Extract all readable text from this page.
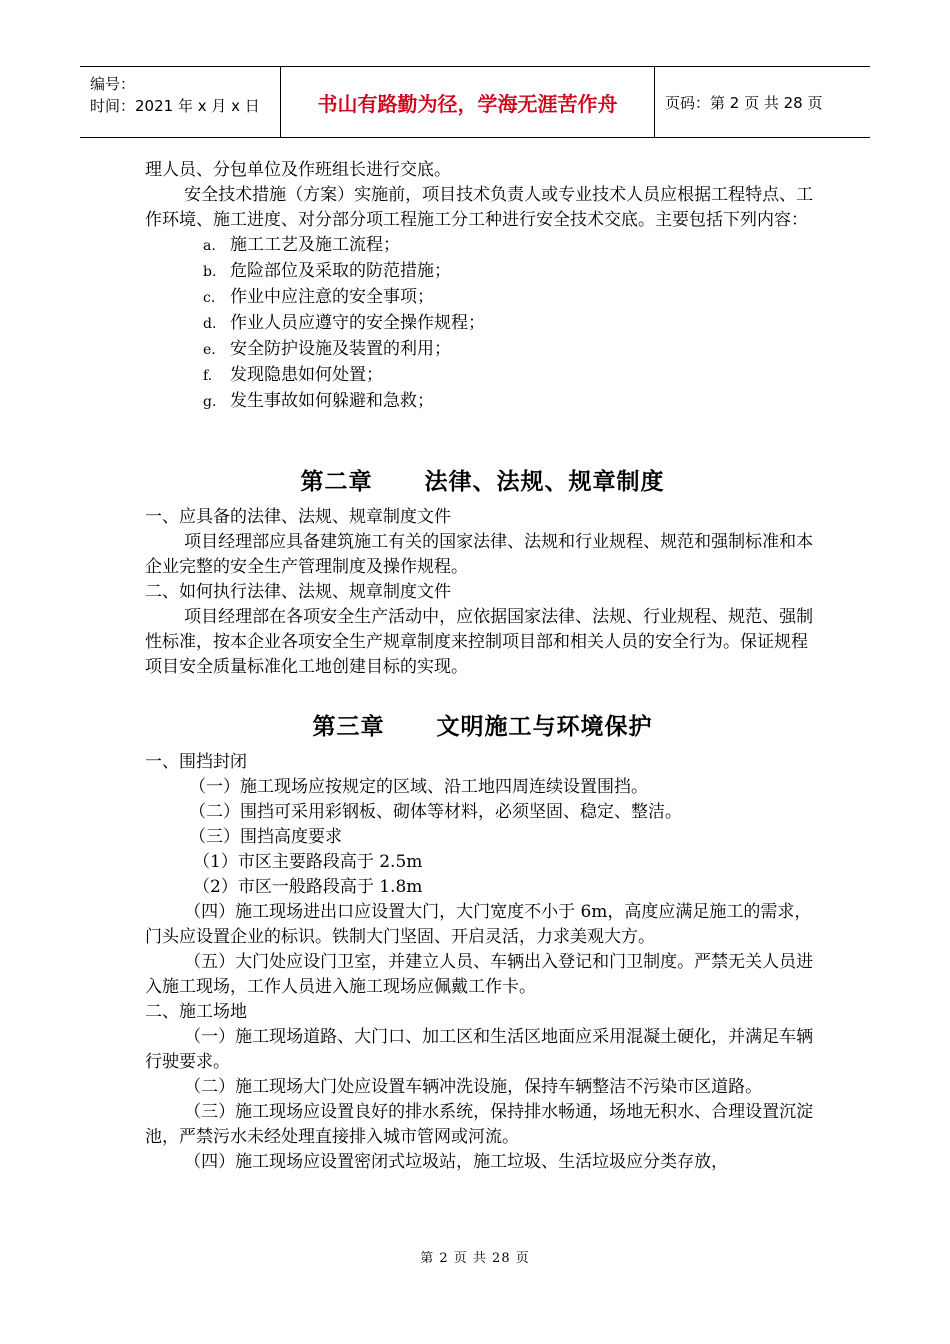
编号：
时间：2021 年 x 月 x 日	书山有路勤为径，学海无涯苦作舟	页码：第 2 页 共 28 页

理人员、分包单位及作班组长进行交底。

安全技术措施（方案）实施前，项目技术负责人或专业技术人员应根据工程特点、工作环境、施工进度、对分部分项工程施工分工种进行安全技术交底。主要包括下列内容：

a. 施工工艺及施工流程；
b. 危险部位及采取的防范措施；
c. 作业中应注意的安全事项；
d. 作业人员应遵守的安全操作规程；
e. 安全防护设施及装置的利用；
f. 发现隐患如何处置；
g. 发生事故如何躲避和急救；
第二章 法律、法规、规章制度

一、应具备的法律、法规、规章制度文件

项目经理部应具备建筑施工有关的国家法律、法规和行业规程、规范和强制标准和本企业完整的安全生产管理制度及操作规程。

二、如何执行法律、法规、规章制度文件

项目经理部在各项安全生产活动中，应依据国家法律、法规、行业规程、规范、强制性标准，按本企业各项安全生产规章制度来控制项目部和相关人员的安全行为。保证规程项目安全质量标准化工地创建目标的实现。

第三章 文明施工与环境保护

一、围挡封闭

（一）施工现场应按规定的区域、沿工地四周连续设置围挡。

（二）围挡可采用彩钢板、砌体等材料，必须坚固、稳定、整洁。

（三）围挡高度要求

（1）市区主要路段高于 2.5m

（2）市区一般路段高于 1.8m

（四）施工现场进出口应设置大门，大门宽度不小于 6m，高度应满足施工的需求，门头应设置企业的标识。铁制大门坚固、开启灵活，力求美观大方。

（五）大门处应设门卫室，并建立人员、车辆出入登记和门卫制度。严禁无关人员进入施工现场，工作人员进入施工现场应佩戴工作卡。

二、施工场地

（一）施工现场道路、大门口、加工区和生活区地面应采用混凝土硬化，并满足车辆行驶要求。

（二）施工现场大门处应设置车辆冲洗设施，保持车辆整洁不污染市区道路。

（三）施工现场应设置良好的排水系统，保持排水畅通，场地无积水、合理设置沉淀池，严禁污水未经处理直接排入城市管网或河流。

（四）施工现场应设置密闭式垃圾站，施工垃圾、生活垃圾应分类存放，

第 2 页 共 28 页
